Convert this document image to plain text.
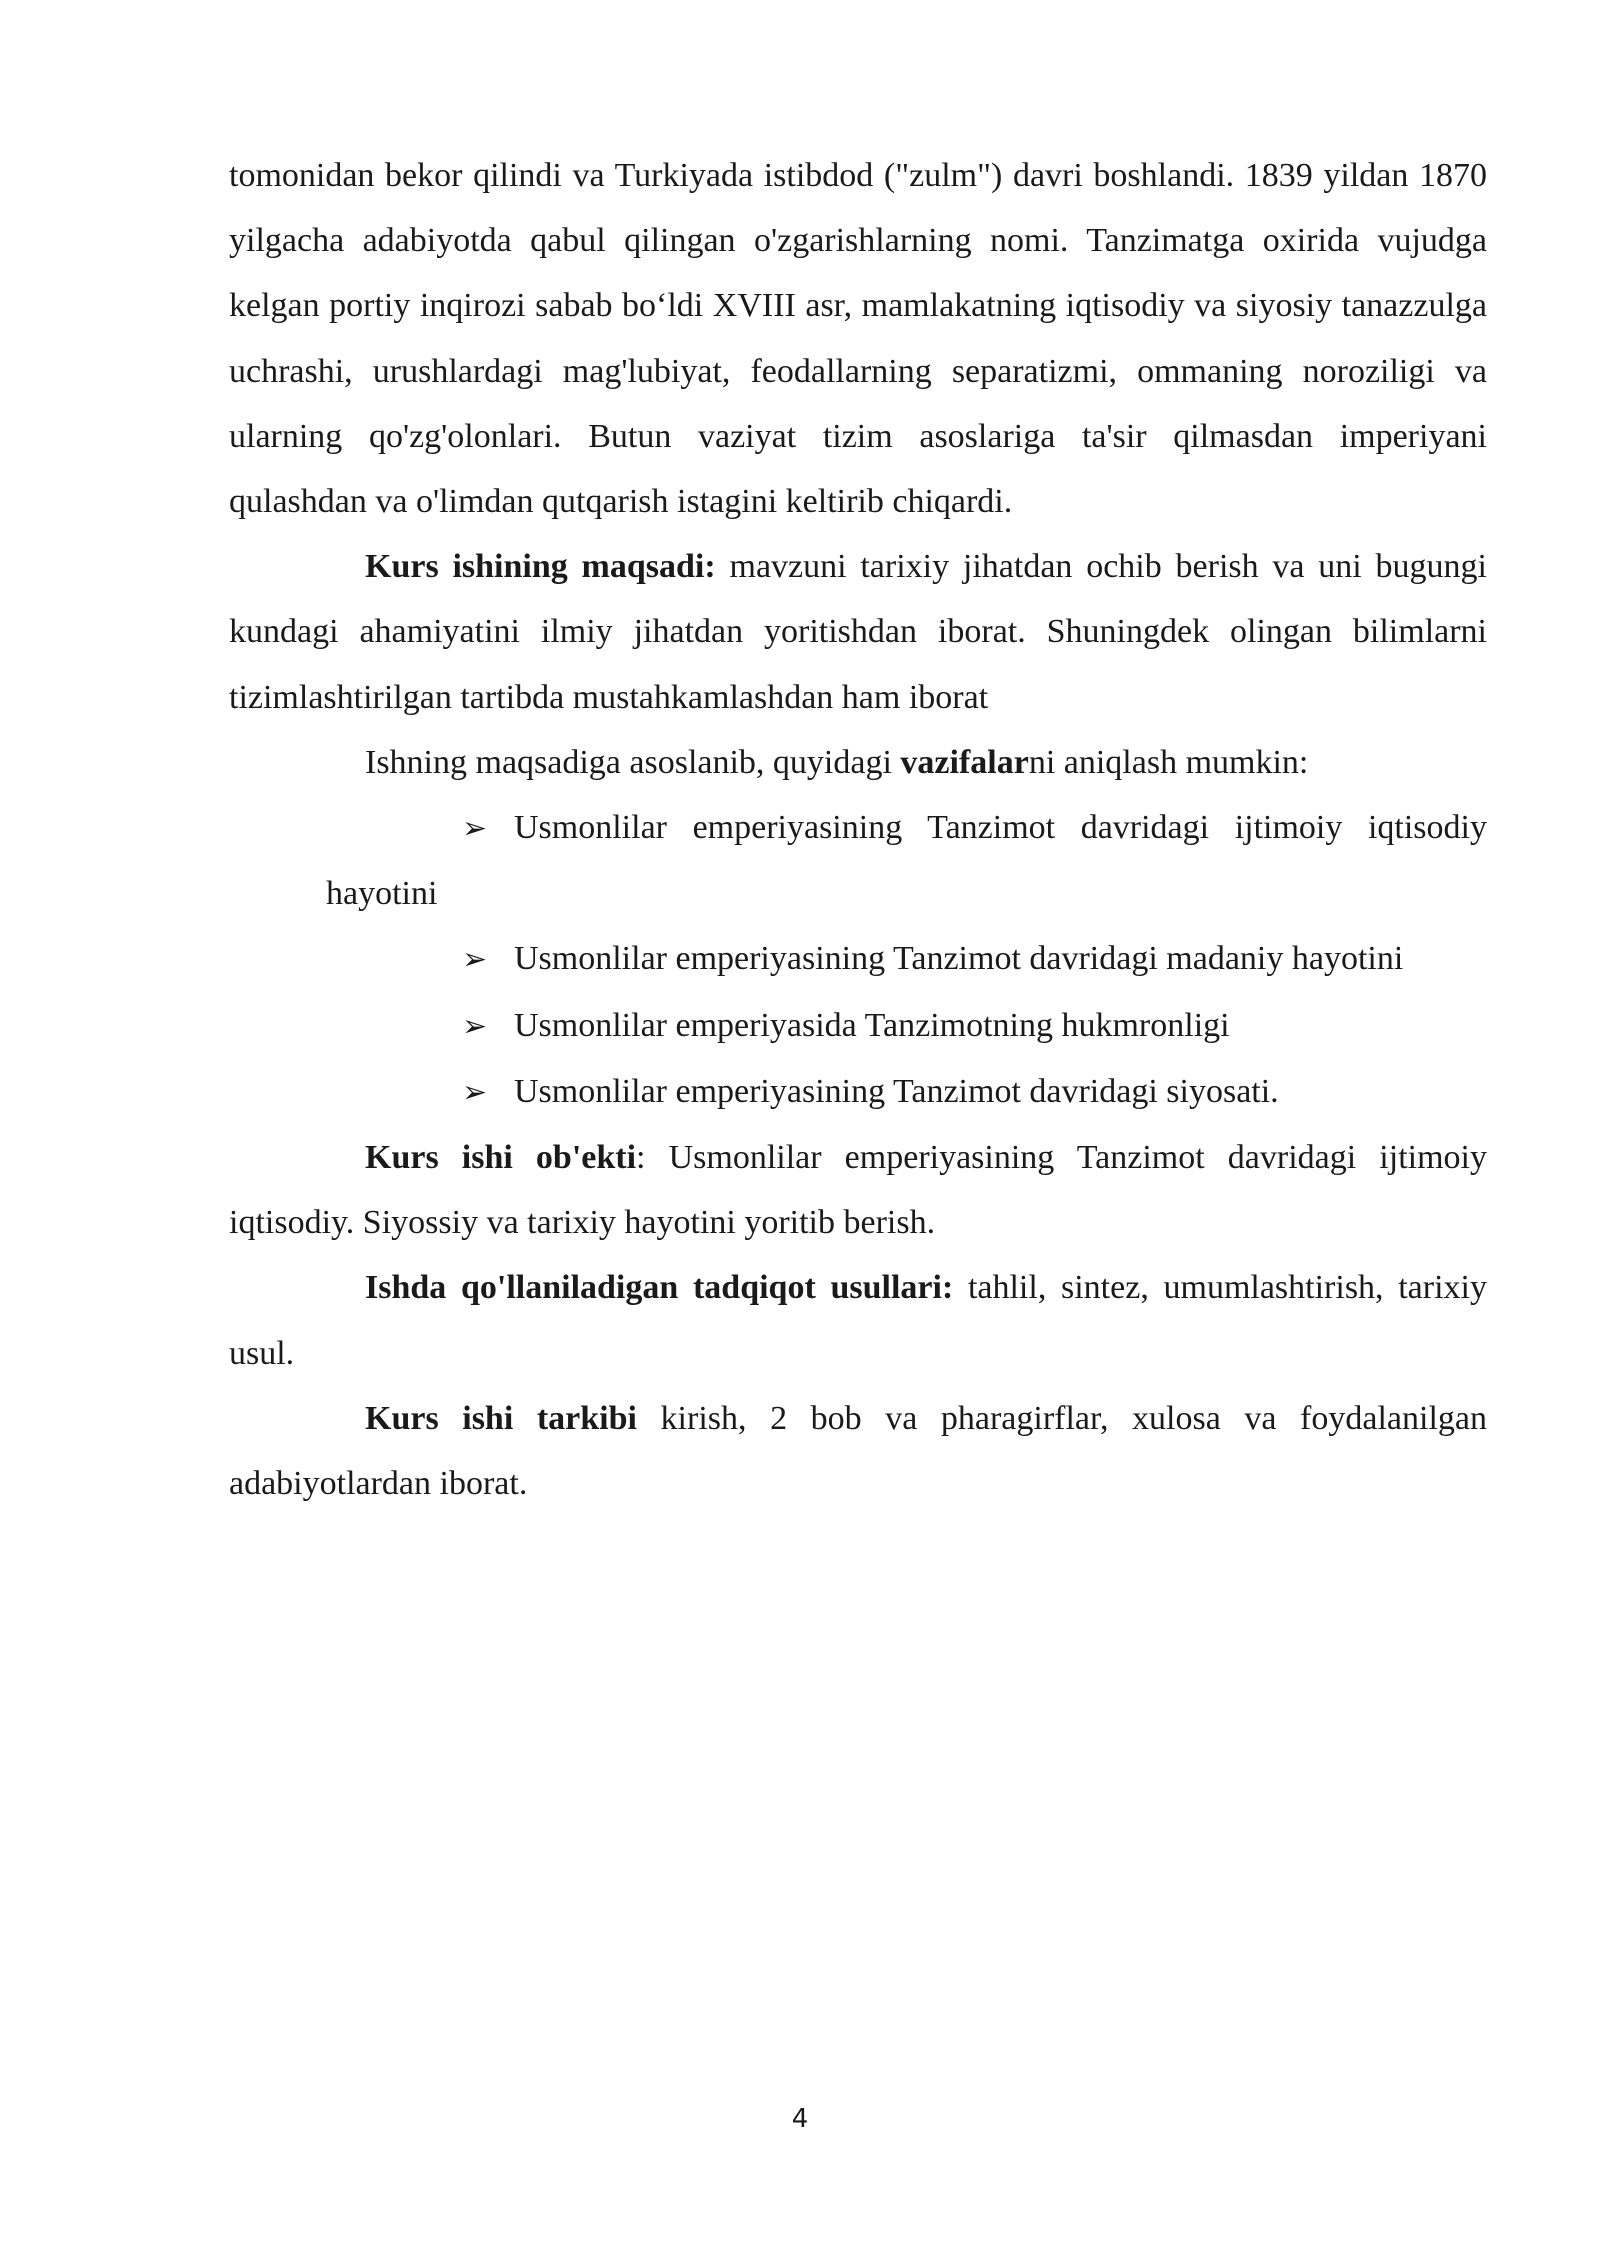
tomonidan bekor qilindi va Turkiyada istibdod ("zulm") davri boshlandi. 1839 yildan 1870 yilgacha adabiyotda qabul qilingan o'zgarishlarning nomi. Tanzimatga oxirida vujudga kelgan portiy inqirozi sabab bo‘ldi XVIII asr, mamlakatning iqtisodiy va siyosiy tanazzulga uchrashi, urushlardagi mag'lubiyat, feodallarning separatizmi, ommaning noroziligi va ularning qo'zg'olonlari. Butun vaziyat tizim asoslariga ta'sir qilmasdan imperiyani qulashdan va o'limdan qutqarish istagini keltirib chiqardi.

Kurs ishining maqsadi: mavzuni tarixiy jihatdan ochib berish va uni bugungi kundagi ahamiyatini ilmiy jihatdan yoritishdan iborat. Shuningdek olingan bilimlarni tizimlashtirilgan tartibda mustahkamlashdan ham iborat

Ishning maqsadiga asoslanib, quyidagi vazifalarni aniqlash mumkin:

➢ Usmonlilar emperiyasining Tanzimot davridagi ijtimoiy iqtisodiy hayotini

➢ Usmonlilar emperiyasining Tanzimot davridagi madaniy hayotini

➢ Usmonlilar emperiyasida Tanzimotning hukmronligi

➢ Usmonlilar emperiyasining Tanzimot davridagi siyosati.

Kurs ishi ob'ekti: Usmonlilar emperiyasining Tanzimot davridagi ijtimoiy iqtisodiy. Siyossiy va tarixiy hayotini yoritib berish.

Ishda qo'llaniladigan tadqiqot usullari: tahlil, sintez, umumlashtirish, tarixiy usul.

Kurs ishi tarkibi kirish, 2 bob va pharagirflar, xulosa va foydalanilgan adabiyotlardan iborat.

4
